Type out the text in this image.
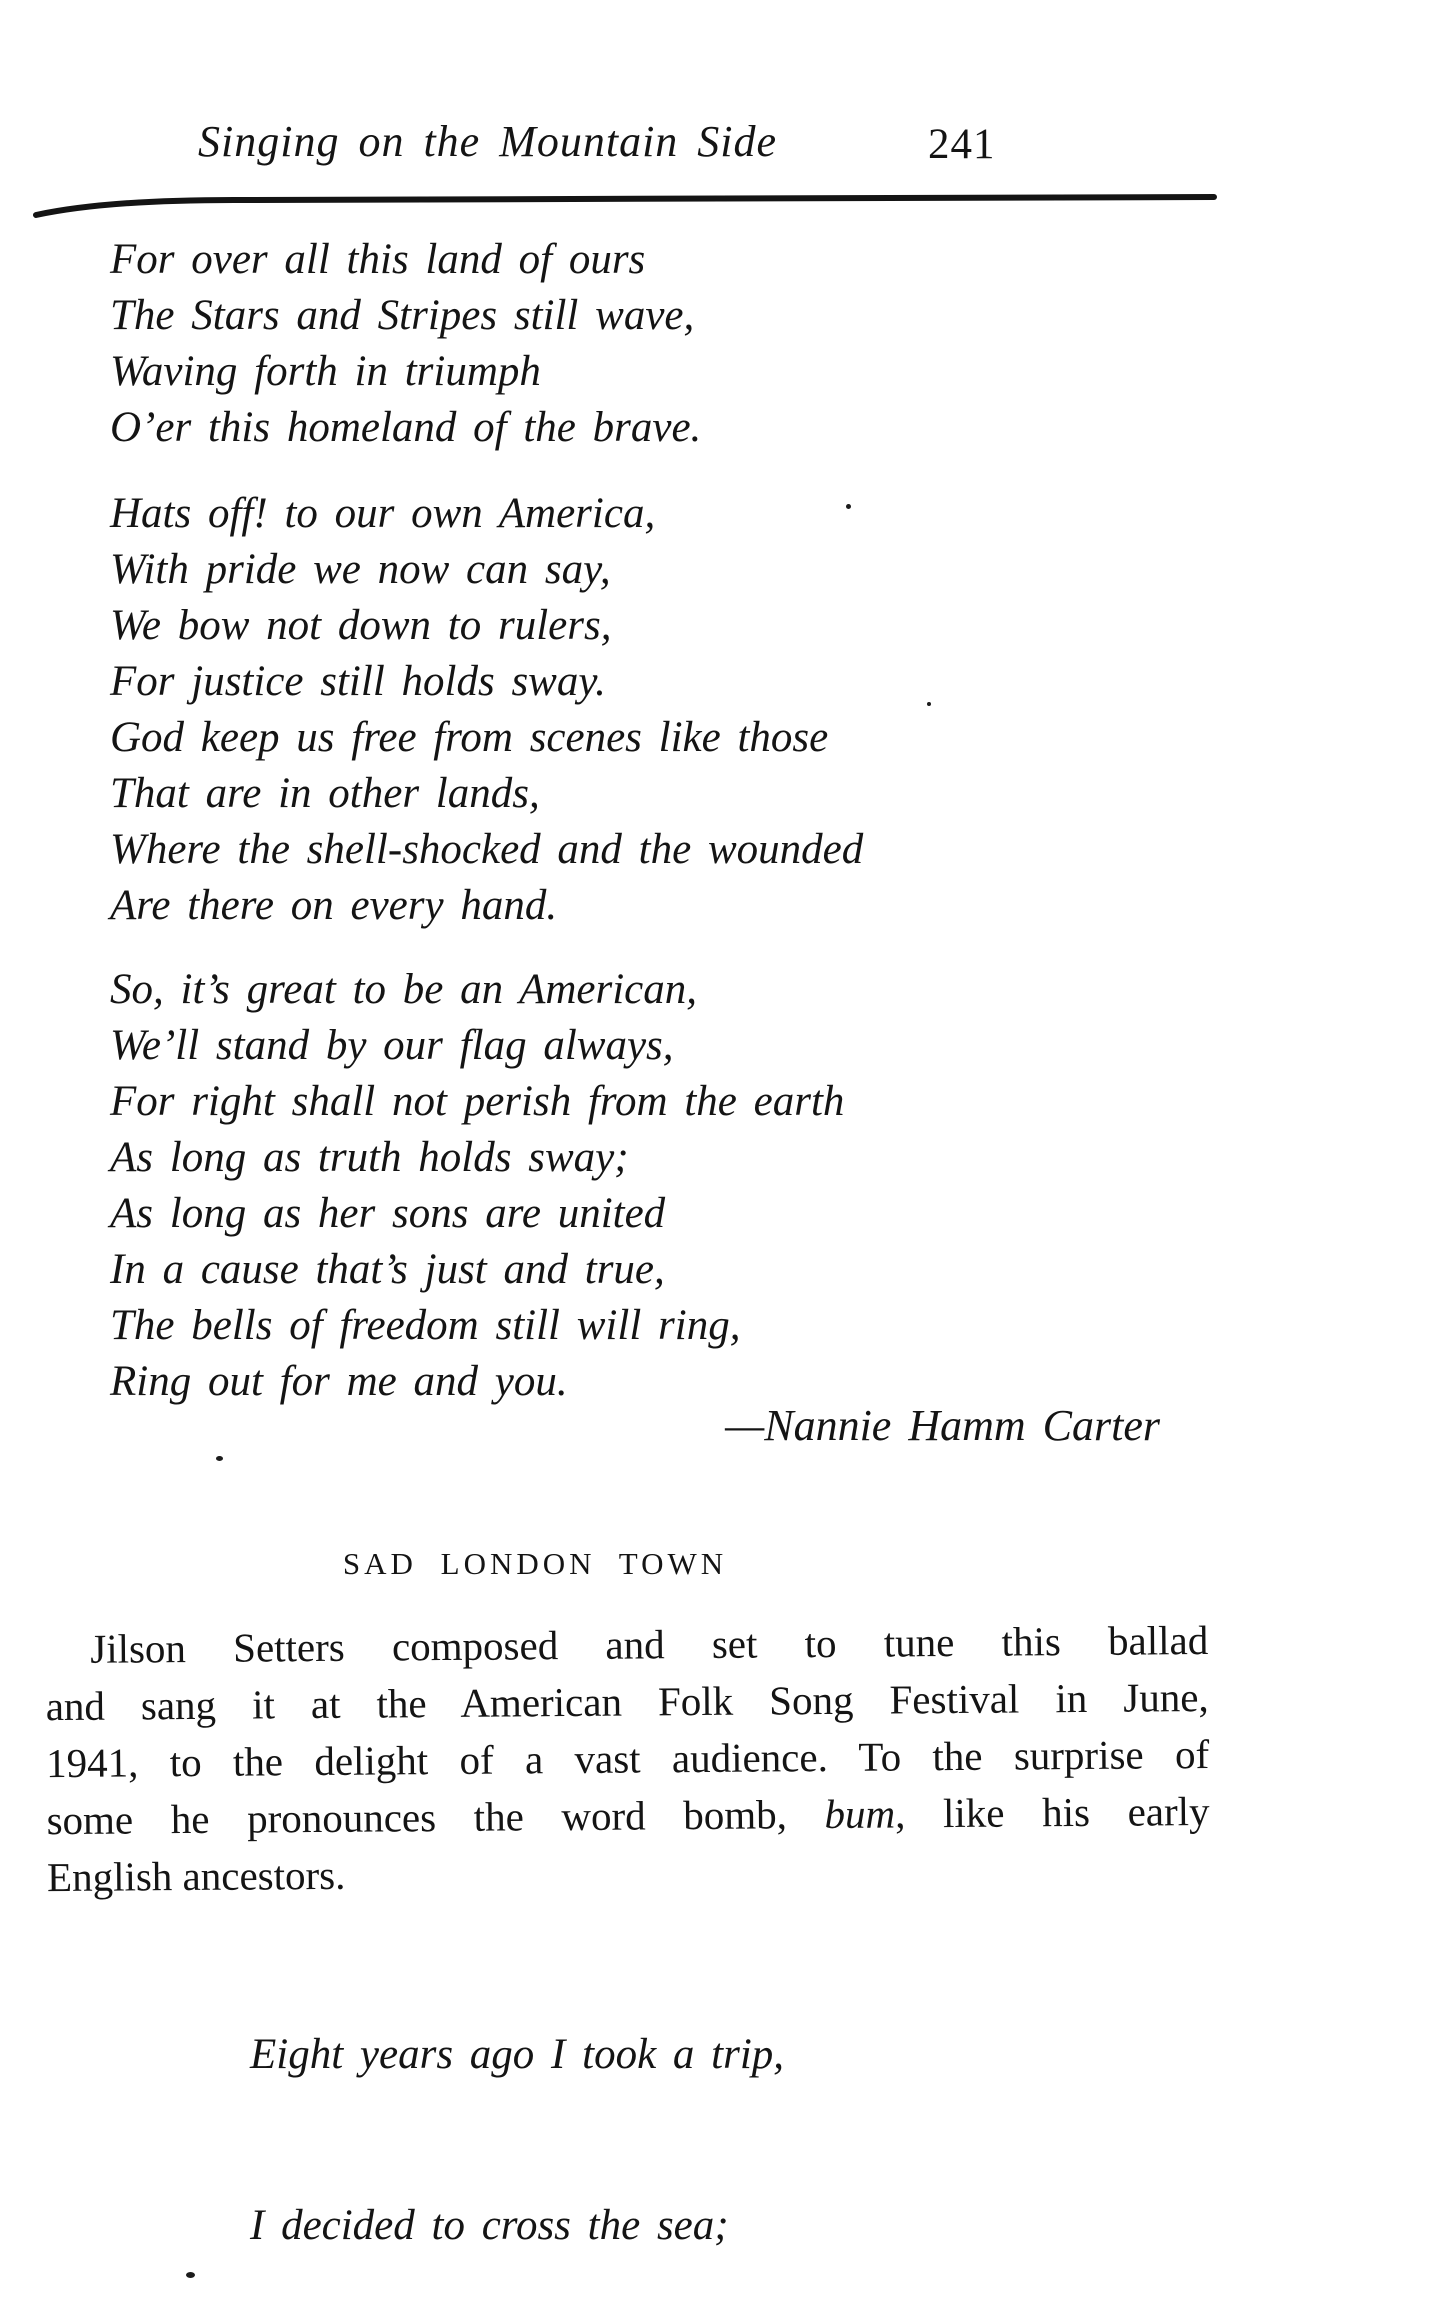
Singing on the Mountain Side	241
For over all this land of ours
The Stars and Stripes still wave,
Waving forth in triumph
O’er this homeland of the brave.
Hats off! to our own America,
With pride we now can say,
We bow not down to rulers,
For justice still holds sway.
God keep us free from scenes like those
That are in other lands,
Where the shell-shocked and the wounded
Are there on every hand.
So, it’s great to be an American,
We’ll stand by our flag always,
For right shall not perish from the earth
As long as truth holds sway;
As long as her sons are united
In a cause that’s just and true,
The bells of freedom still will ring,
Ring out for me and you.
—Nannie Hamm Carter
SAD LONDON TOWN
Jilson Setters composed and set to tune this ballad
and sang it at the American Folk Song Festival in June,
1941, to the delight of a vast audience. To the surprise of
some he pronounces the word bomb, bum, like his early
English ancestors.

Eight years ago I took a trip,

I decided to cross the sea;
